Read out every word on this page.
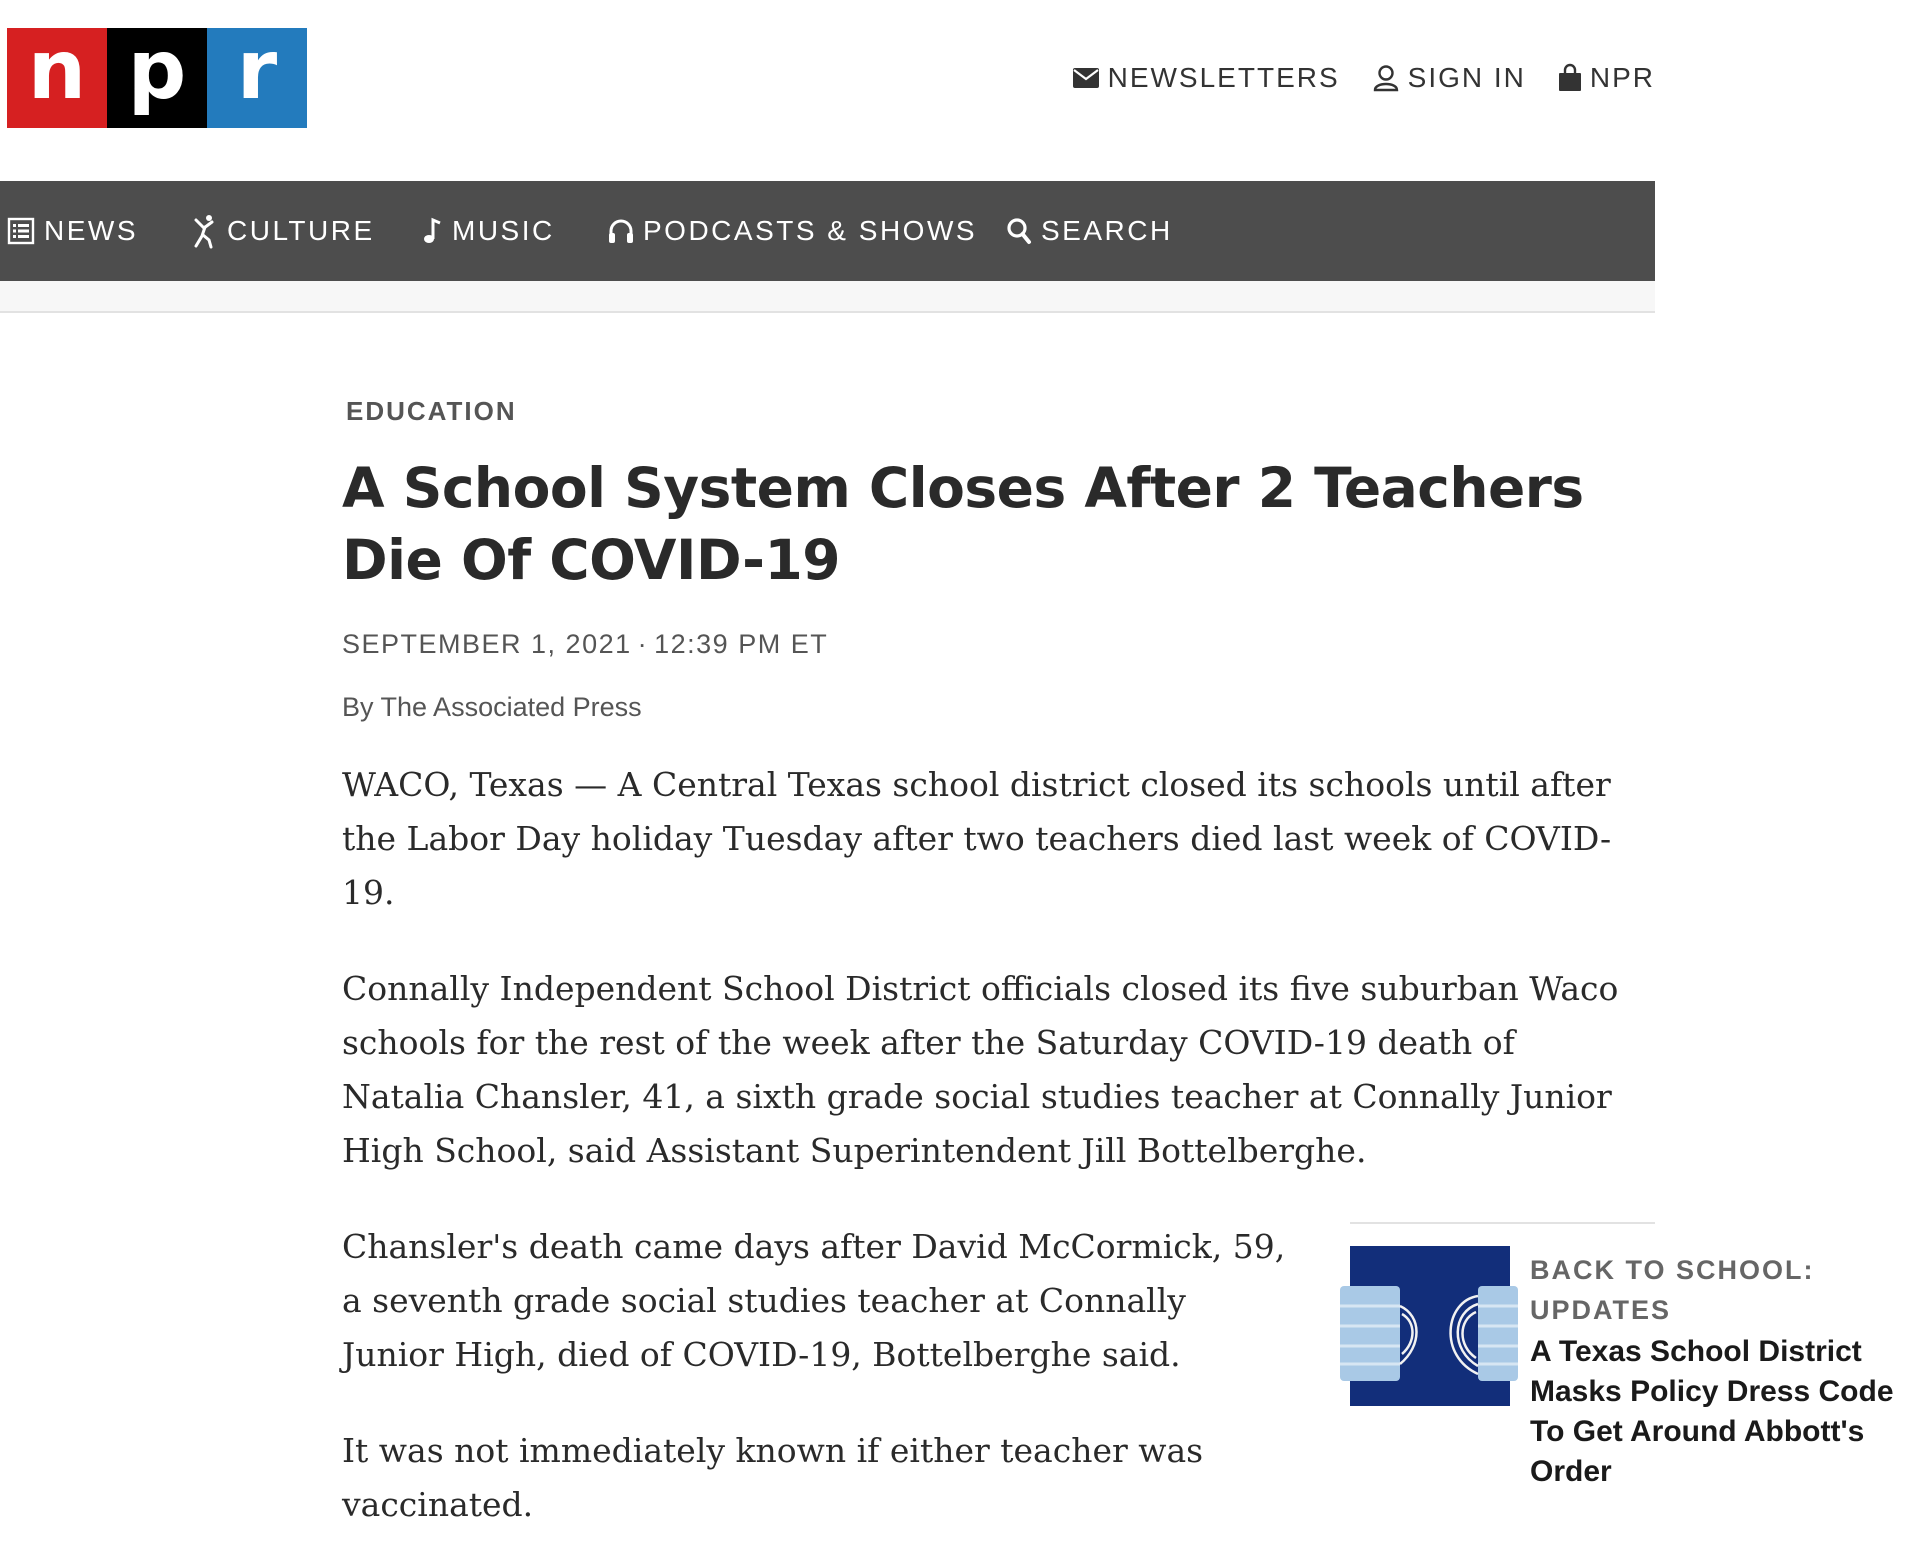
n p r	NEWSLETTERS SIGN IN NPR
NEWS	CULTURE	MUSIC	PODCASTS & SHOWS SEARCH
EDUCATION
A School System Closes After 2 Teachers Die Of COVID-19
SEPTEMBER 1, 2021 · 12:39 PM ET
By The Associated Press

WACO, Texas — A Central Texas school district closed its schools until after the Labor Day holiday Tuesday after two teachers died last week of COVID-19.

Connally Independent School District officials closed its five suburban Waco schools for the rest of the week after the Saturday COVID-19 death of Natalia Chansler, 41, a sixth grade social studies teacher at Connally Junior High School, said Assistant Superintendent Jill Bottelberghe.

Chansler's death came days after David McCormick, 59, a seventh grade social studies teacher at Connally Junior High, died of COVID-19, Bottelberghe said.

It was not immediately known if either teacher was vaccinated.

BACK TO SCHOOL: UPDATES
A Texas School District Masks Policy Dress Code To Get Around Abbott's Order
